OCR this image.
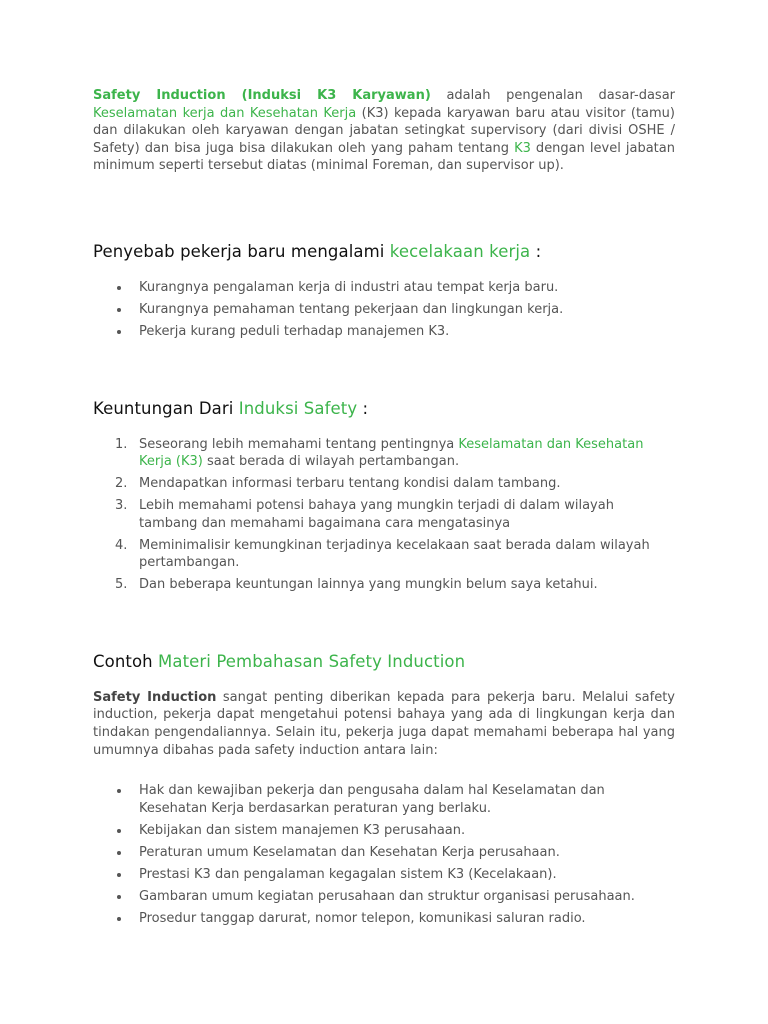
Safety Induction (Induksi K3 Karyawan) adalah pengenalan dasar-dasar Keselamatan kerja dan Kesehatan Kerja (K3) kepada karyawan baru atau visitor (tamu) dan dilakukan oleh karyawan dengan jabatan setingkat supervisory (dari divisi OSHE / Safety) dan bisa juga bisa dilakukan oleh yang paham tentang K3 dengan level jabatan minimum seperti tersebut diatas (minimal Foreman, dan supervisor up).

Penyebab pekerja baru mengalami kecelakaan kerja :
Kurangnya pengalaman kerja di industri atau tempat kerja baru.
Kurangnya pemahaman tentang pekerjaan dan lingkungan kerja.
Pekerja kurang peduli terhadap manajemen K3.
Keuntungan Dari Induksi Safety :
1. Seseorang lebih memahami tentang pentingnya Keselamatan dan Kesehatan Kerja (K3) saat berada di wilayah pertambangan.
2. Mendapatkan informasi terbaru tentang kondisi dalam tambang.
3. Lebih memahami potensi bahaya yang mungkin terjadi di dalam wilayah tambang dan memahami bagaimana cara mengatasinya
4. Meminimalisir kemungkinan terjadinya kecelakaan saat berada dalam wilayah pertambangan.
5. Dan beberapa keuntungan lainnya yang mungkin belum saya ketahui.
Contoh Materi Pembahasan Safety Induction

Safety Induction sangat penting diberikan kepada para pekerja baru. Melalui safety induction, pekerja dapat mengetahui potensi bahaya yang ada di lingkungan kerja dan tindakan pengendaliannya. Selain itu, pekerja juga dapat memahami beberapa hal yang umumnya dibahas pada safety induction antara lain:

Hak dan kewajiban pekerja dan pengusaha dalam hal Keselamatan dan Kesehatan Kerja berdasarkan peraturan yang berlaku.
Kebijakan dan sistem manajemen K3 perusahaan.
Peraturan umum Keselamatan dan Kesehatan Kerja perusahaan.
Prestasi K3 dan pengalaman kegagalan sistem K3 (Kecelakaan).
Gambaran umum kegiatan perusahaan dan struktur organisasi perusahaan.
Prosedur tanggap darurat, nomor telepon, komunikasi saluran radio.
